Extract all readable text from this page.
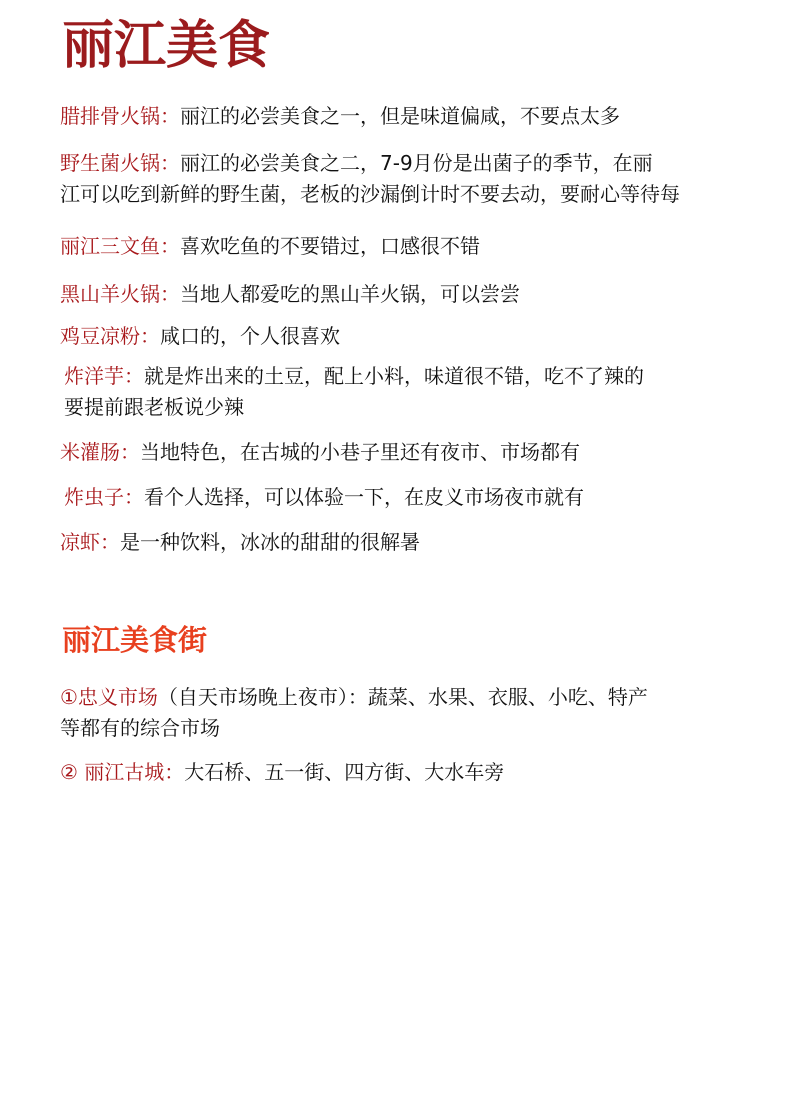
丽江美食
腊排骨火锅：丽江的必尝美食之一，但是味道偏咸，不要点太多
野生菌火锅：丽江的必尝美食之二，7-9月份是出菌子的季节，在⁠丽
江可以吃到新鲜的野生菌，老板的沙漏倒计时不要去动，要耐心等待每
丽江三文鱼：喜欢吃鱼的不要错过，口感很不错
黑山羊火锅：当地人都爱吃的黑山羊火锅，可以尝尝
鸡豆凉粉：咸口的，个人很喜欢
炸洋芋：就是炸出来的土豆，配上小料，味道很不错，吃不了辣的
要提前跟老板说少辣
米灌肠：当地特色，在古城的小巷子里还有夜市、市场都有
炸虫子：看个人选择，可以体验一下，在皮义市场夜市就有
凉虾：是一种饮料，冰冰的甜甜的很解暑
丽江美食街
①忠义市场（自天市场晚上夜市）：蔬菜、水果、衣服、小吃、特产
等都有的综合市场
② 丽江古城：大石桥、五一街、四方街、大水车旁
